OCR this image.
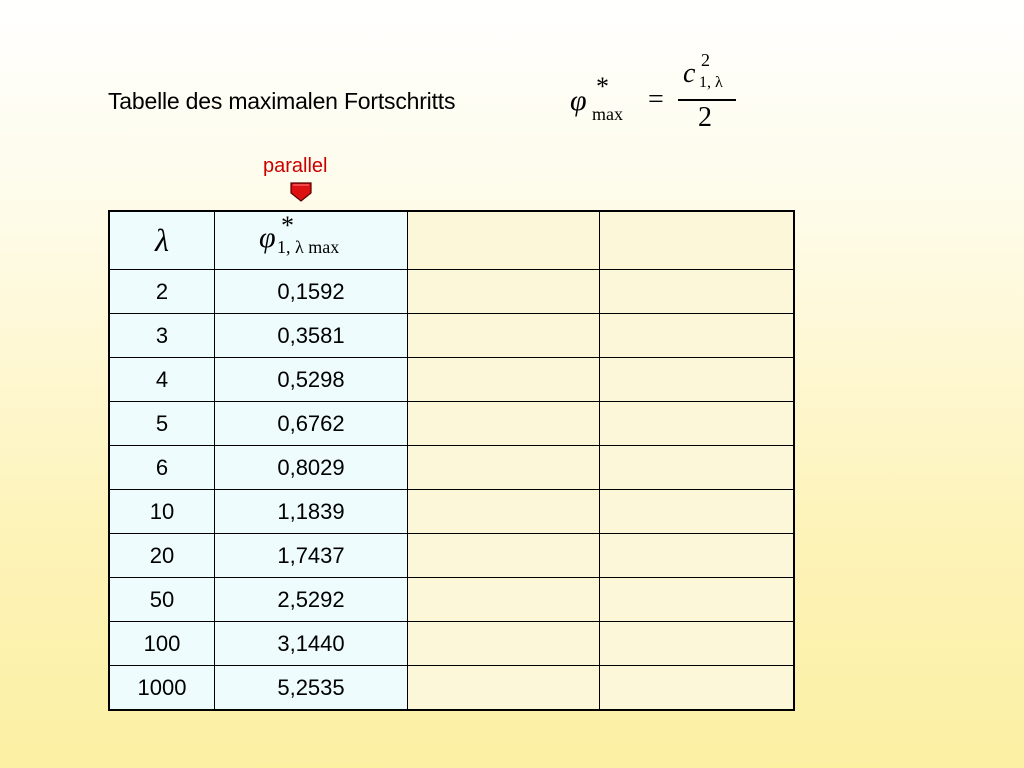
Tabelle des maximalen Fortschritts	φ *
max =
c 2
1, λ
2
parallel
λ	φ *
1, λ max		

2	0,1592		
3	0,3581		
4	0,5298		
5	0,6762		
6	0,8029		
10	1,1839		
20	1,7437		
50	2,5292		
100	3,1440		
1000	5,2535		
